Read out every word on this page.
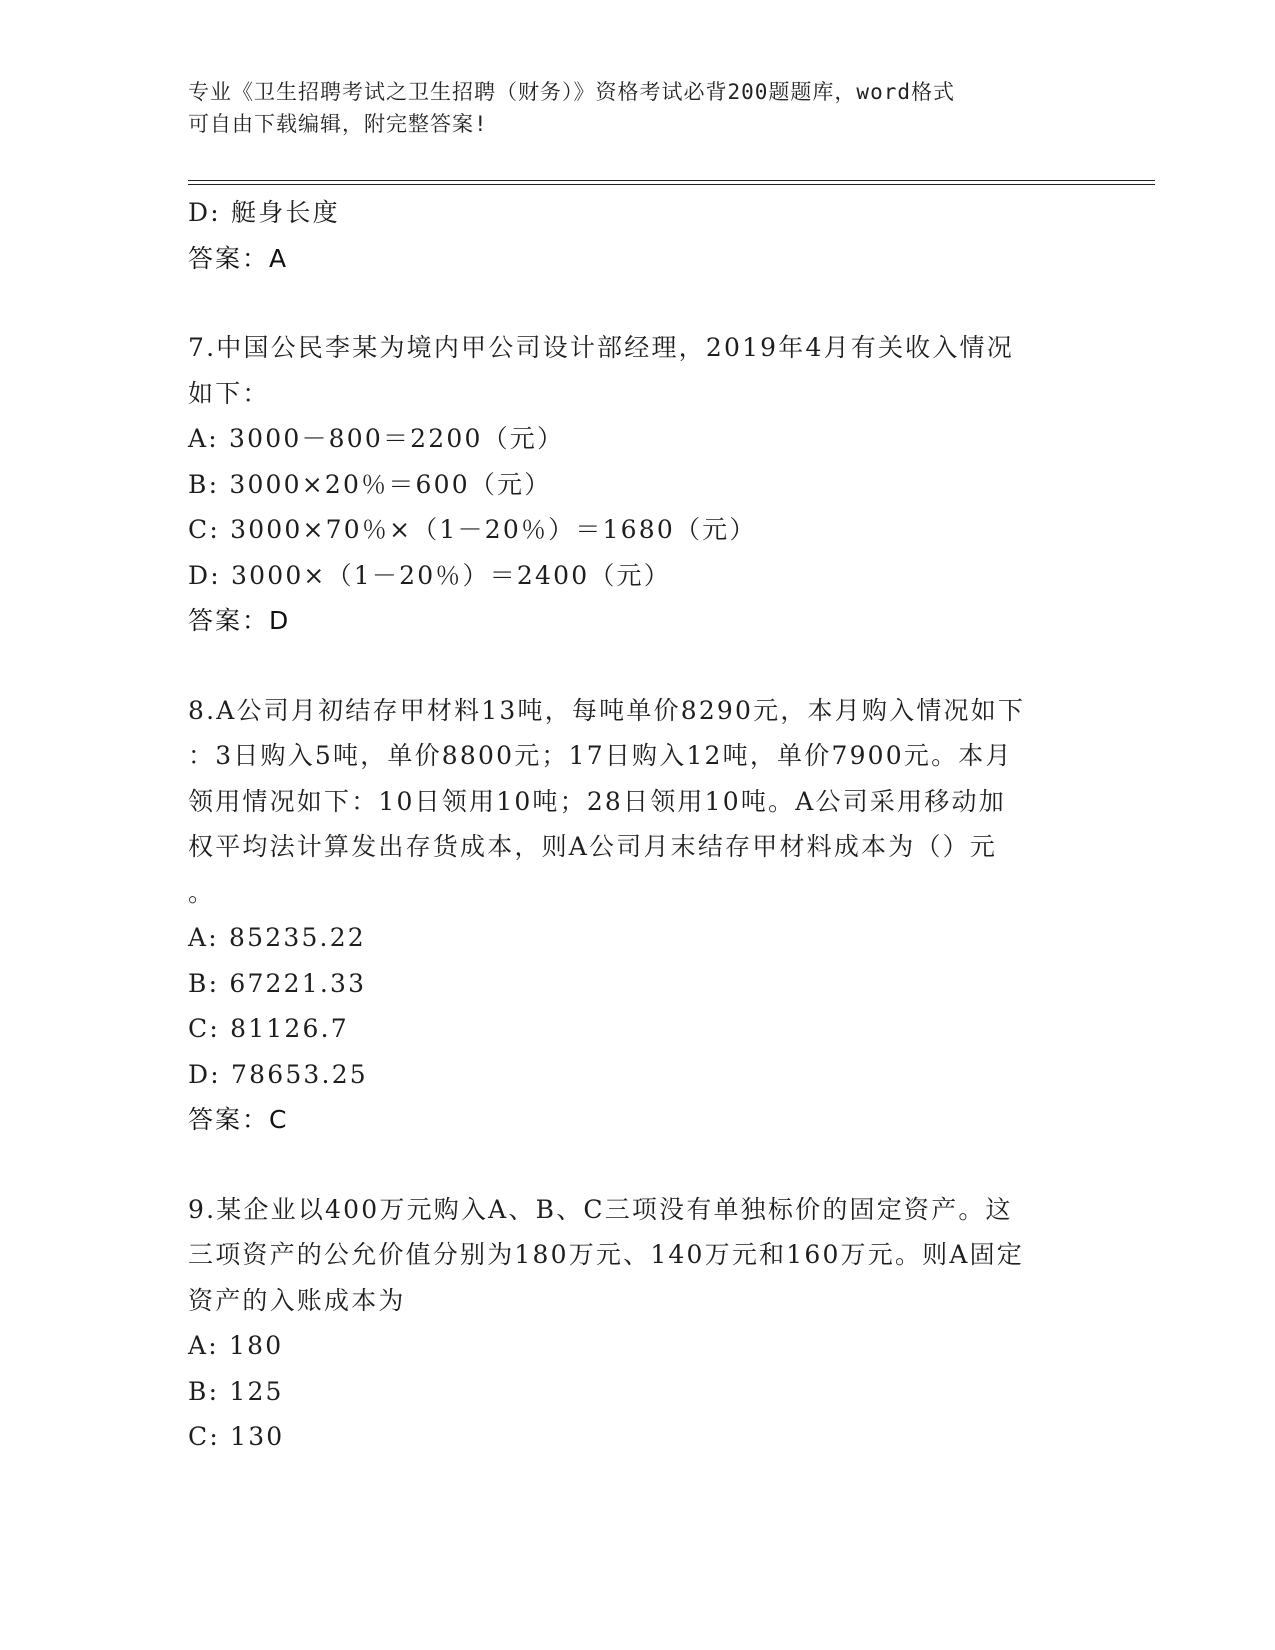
专业《卫生招聘考试之卫生招聘（财务）》资格考试必背200题题库，word格式
可自由下载编辑，附完整答案!
D: 艇身长度
答案：A
7.中国公民李某为境内甲公司设计部经理，2019年4月有关收入情况
如下：
A: 3000－800＝2200（元）
B: 3000×20％＝600（元）
C: 3000×70％×（1－20％）＝1680（元）
D: 3000×（1－20％）＝2400（元）
答案：D
8.A公司月初结存甲材料13吨，每吨单价8290元，本月购入情况如下
：3日购入5吨，单价8800元；17日购入12吨，单价7900元。本月
领用情况如下：10日领用10吨；28日领用10吨。A公司采用移动加
权平均法计算发出存货成本，则A公司月末结存甲材料成本为（）元
。
A: 85235.22
B: 67221.33
C: 81126.7
D: 78653.25
答案：C
9.某企业以400万元购入A、B、C三项没有单独标价的固定资产。这
三项资产的公允价值分别为180万元、140万元和160万元。则A固定
资产的入账成本为
A: 180
B: 125
C: 130
